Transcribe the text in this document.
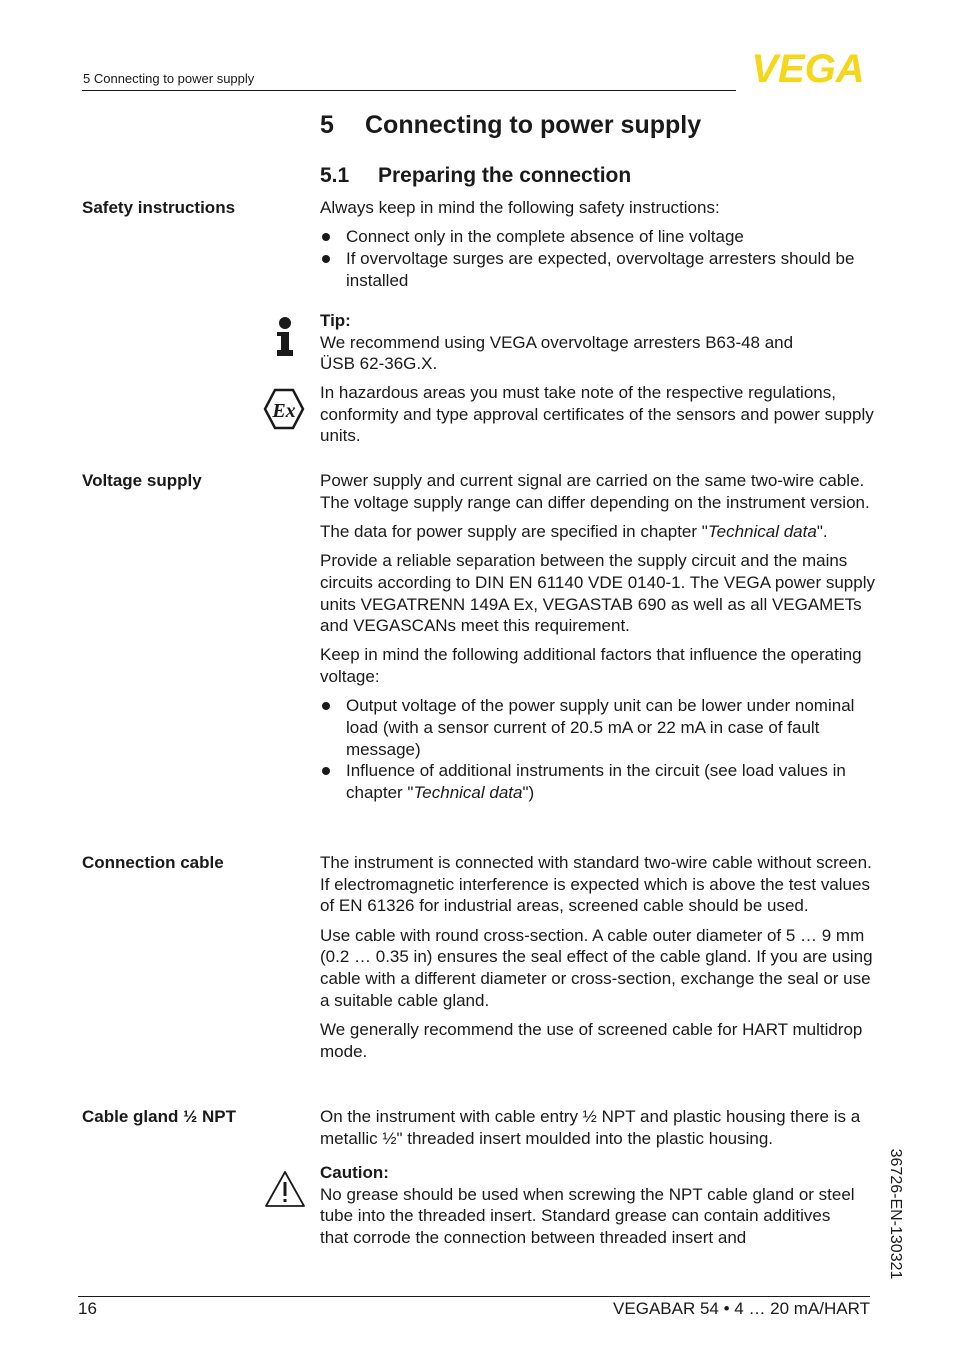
5 Connecting to power supply	VEGA
5 Connecting to power supply
5.1 Preparing the connection
Safety instructions	Always keep in mind the following safety instructions:

Connect only in the complete absence of line voltage
If overvoltage surges are expected, overvoltage arresters should be installed

Tip:

We recommend using VEGA overvoltage arresters B63-48 and ÜSB 62-36G.X.

Ex

In hazardous areas you must take note of the respective regulations, conformity and type approval certificates of the sensors and power supply units.

Voltage supply	Power supply and current signal are carried on the same two-wire cable. The voltage supply range can differ depending on the instrument version.

The data for power supply are specified in chapter "Technical data".

Provide a reliable separation between the supply circuit and the mains circuits according to DIN EN 61140 VDE 0140-1. The VEGA power supply units VEGATRENN 149A Ex, VEGASTAB 690 as well as all VEGAMETs and VEGASCANs meet this requirement.

Keep in mind the following additional factors that influence the operating voltage:

Output voltage of the power supply unit can be lower under nominal load (with a sensor current of 20.5 mA or 22 mA in case of fault message)
Influence of additional instruments in the circuit (see load values in chapter "Technical data")
Connection cable	The instrument is connected with standard two-wire cable without screen. If electromagnetic interference is expected which is above the test values of EN 61326 for industrial areas, screened cable should be used.

Use cable with round cross-section. A cable outer diameter of 5 … 9 mm (0.2 … 0.35 in) ensures the seal effect of the cable gland. If you are using cable with a different diameter or cross-section, exchange the seal or use a suitable cable gland.

We generally recommend the use of screened cable for HART multidrop mode.

Cable gland ½ NPT	On the instrument with cable entry ½ NPT and plastic housing there is a metallic ½" threaded insert moulded into the plastic housing.

Caution:

No grease should be used when screwing the NPT cable gland or steel tube into the threaded insert. Standard grease can contain additives that corrode the connection between threaded insert and	36726-EN-130321
16	VEGABAR 54 • 4 … 20 mA/HART
